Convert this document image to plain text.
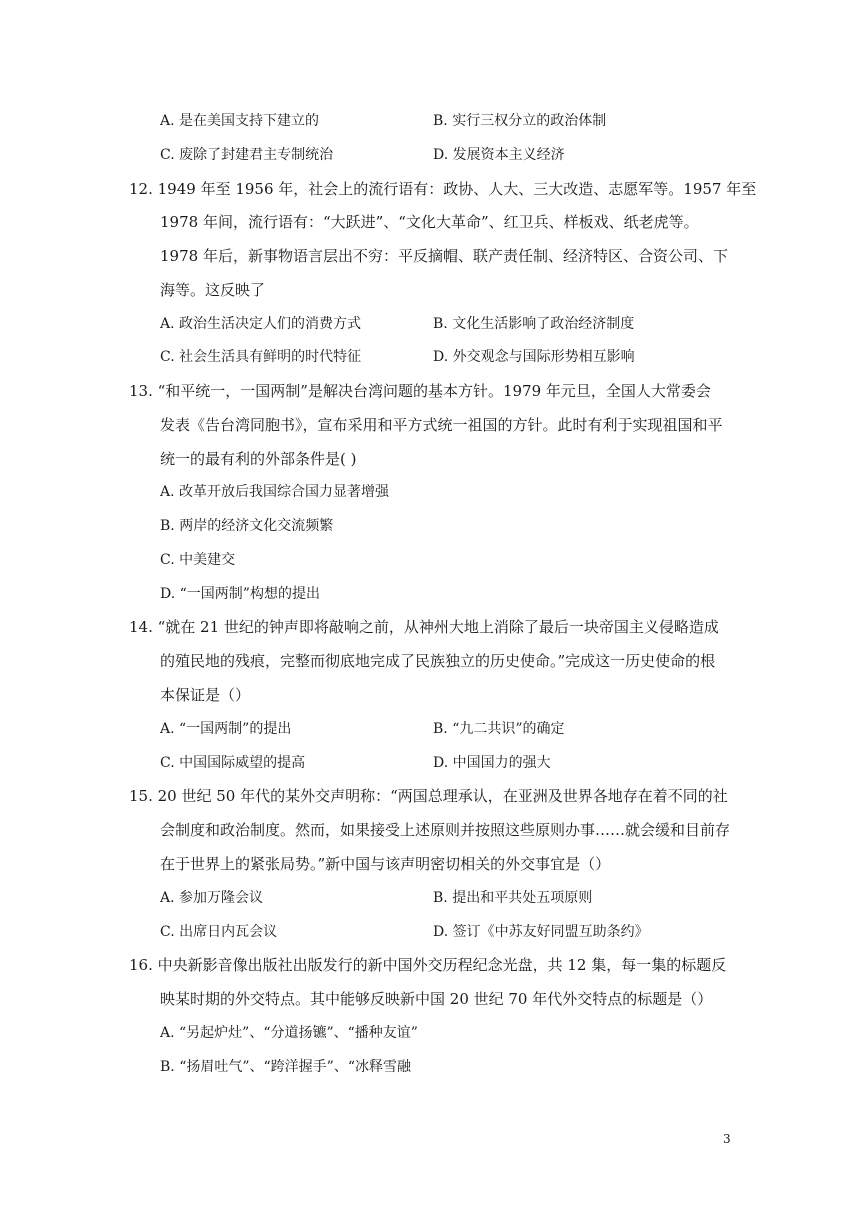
A. 是在美国支持下建立的	B. 实行三权分立的政治体制
C. 废除了封建君主专制统治	D. 发展资本主义经济
12. 1949 年至 1956 年，社会上的流行语有：政协、人大、三大改造、志愿军等。1957 年至
1978 年间，流行语有：“大跃进”、“文化大革命”、红卫兵、样板戏、纸老虎等。
1978 年后，新事物语言层出不穷：平反摘帽、联产责任制、经济特区、合资公司、下
海等。这反映了
A. 政治生活决定人们的消费方式	B. 文化生活影响了政治经济制度
C. 社会生活具有鲜明的时代特征	D. 外交观念与国际形势相互影响
13. “和平统一，一国两制”是解决台湾问题的基本方针。1979 年元旦，全国人大常委会
发表《告台湾同胞书》，宣布采用和平方式统一祖国的方针。此时有利于实现祖国和平
统一的最有利的外部条件是( )
A. 改革开放后我国综合国力显著增强
B. 两岸的经济文化交流频繁
C. 中美建交
D. “一国两制”构想的提出
14. “就在 21 世纪的钟声即将敲响之前，从神州大地上消除了最后一块帝国主义侵略造成
的殖民地的残痕，完整而彻底地完成了民族独立的历史使命。”完成这一历史使命的根
本保证是（）
A. “一国两制”的提出	B. “九二共识”的确定
C. 中国国际威望的提高	D. 中国国力的强大
15. 20 世纪 50 年代的某外交声明称：“两国总理承认，在亚洲及世界各地存在着不同的社
会制度和政治制度。然而，如果接受上述原则并按照这些原则办事……就会缓和目前存
在于世界上的紧张局势。”新中国与该声明密切相关的外交事宜是（）
A. 参加万隆会议	B. 提出和平共处五项原则
C. 出席日内瓦会议	D. 签订《中苏友好同盟互助条约》
16. 中央新影音像出版社出版发行的新中国外交历程纪念光盘，共 12 集，每一集的标题反
映某时期的外交特点。其中能够反映新中国 20 世纪 70 年代外交特点的标题是（）
A. “另起炉灶”、“分道扬镳”、“播种友谊”
B. “扬眉吐气”、“跨洋握手”、“冰释雪融
3
